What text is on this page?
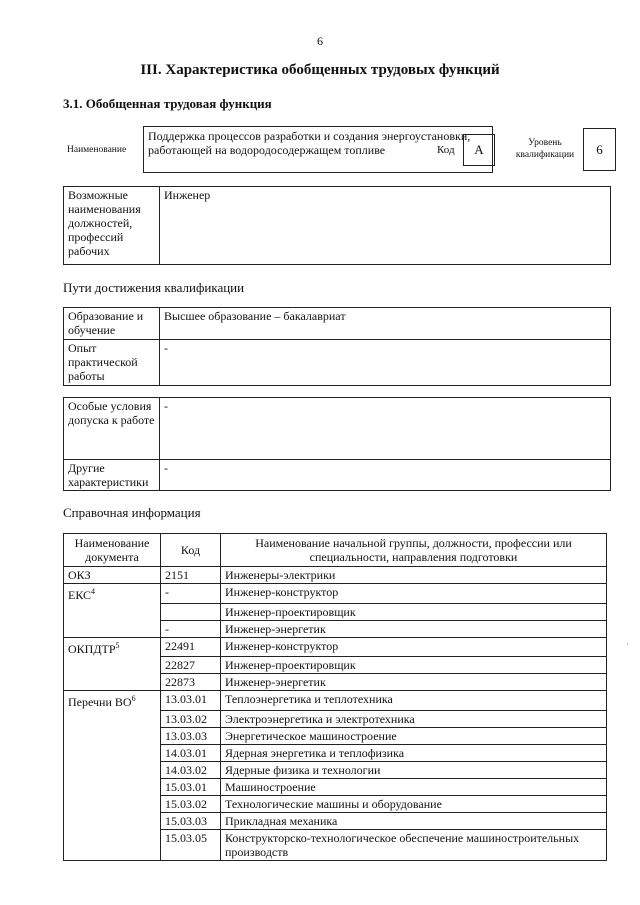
6
III. Характеристика обобщенных трудовых функций
3.1. Обобщенная трудовая функция
Наименование
Поддержка процессов разработки и создания энергоустановки, работающей на водородосодержащем топливе	Код	А	Уровень квалификации	6
Возможные наименования должностей, профессий рабочих	Инженер
Пути достижения квалификации
Образование и обучение	Высшее образование – бакалавриат
Опыт практической работы	-
Особые условия допуска к работе	-
Другие характеристики	-
Справочная информация
Наименование документа	Код	Наименование начальной группы, должности, профессии или специальности, направления подготовки
ОКЗ	2151	Инженеры-электрики
ЕКС$^4$	-	Инженер-конструктор
		Инженер-проектировщик
	-	Инженер-энергетик
ОКПДТР$^5$	22491	Инженер-конструктор
	22827	Инженер-проектировщик
	22873	Инженер-энергетик
Перечни $ВО^6$	13.03.01	Теплоэнергетика и теплотехника
	13.03.02	Электроэнергетика и электротехника
	13.03.03	Энергетическое машиностроение
	14.03.01	Ядерная энергетика и теплофизика
	14.03.02	Ядерные физика и технологии
	15.03.01	Машиностроение
	15.03.02	Технологические машины и оборудование
	15.03.03	Прикладная механика
	15.03.05	Конструкторско-технологическое обеспечение машиностроительных производств
·
